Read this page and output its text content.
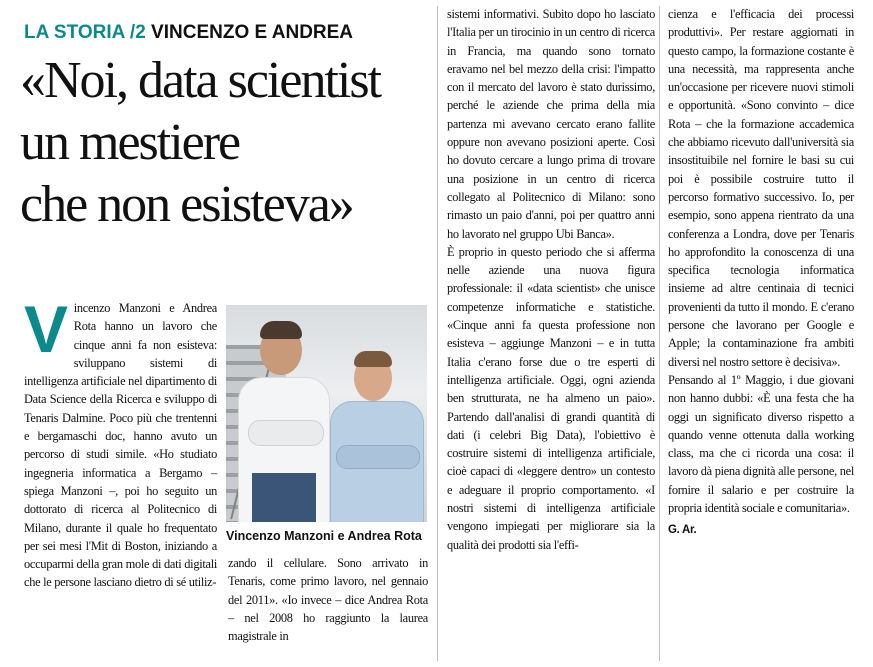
LA STORIA /2 VINCENZO E ANDREA
«Noi, data scientist
un mestiere
che non esisteva»
V incenzo Manzoni e Andrea Rota hanno un lavoro che cinque anni fa non esisteva: sviluppano sistemi di intelligenza artificiale nel dipartimento di Data Science della Ricerca e sviluppo di Tenaris Dalmine. Poco più che trentenni e bergamaschi doc, hanno avuto un percorso di studi simile. «Ho studiato ingegneria informatica a Bergamo – spiega Manzoni –, poi ho seguito un dottorato di ricerca al Politecnico di Milano, durante il quale ho frequentato per sei mesi l'Mit di Boston, iniziando a occuparmi della gran mole di dati digitali che le persone lasciano dietro di sé utiliz-
Vincenzo Manzoni e Andrea Rota
zando il cellulare. Sono arrivato in Tenaris, come primo lavoro, nel gennaio del 2011». «Io invece – dice Andrea Rota – nel 2008 ho raggiunto la laurea magistrale in

sistemi informativi. Subito dopo ho lasciato l'Italia per un tirocinio in un centro di ricerca in Francia, ma quando sono tornato eravamo nel bel mezzo della crisi: l'impatto con il mercato del lavoro è stato durissimo, perché le aziende che prima della mia partenza mi avevano cercato erano fallite oppure non avevano posizioni aperte. Così ho dovuto cercare a lungo prima di trovare una posizione in un centro di ricerca collegato al Politecnico di Milano: sono rimasto un paio d'anni, poi per quattro anni ho lavorato nel gruppo Ubi Banca».

È proprio in questo periodo che si afferma nelle aziende una nuova figura professionale: il «data scientist» che unisce competenze informatiche e statistiche. «Cinque anni fa questa professione non esisteva – aggiunge Manzoni – e in tutta Italia c'erano forse due o tre esperti di intelligenza artificiale. Oggi, ogni azienda ben strutturata, ne ha almeno un paio». Partendo dall'analisi di grandi quantità di dati (i celebri Big Data), l'obiettivo è costruire sistemi di intelligenza artificiale, cioè capaci di «leggere dentro» un contesto e adeguare il proprio comportamento. «I nostri sistemi di intelligenza artificiale vengono impiegati per migliorare sia la qualità dei prodotti sia l'effi-

cienza e l'efficacia dei processi produttivi». Per restare aggiornati in questo campo, la formazione costante è una necessità, ma rappresenta anche un'occasione per ricevere nuovi stimoli e opportunità. «Sono convinto – dice Rota – che la formazione accademica che abbiamo ricevuto dall'università sia insostituibile nel fornire le basi su cui poi è possibile costruire tutto il percorso formativo successivo. Io, per esempio, sono appena rientrato da una conferenza a Londra, dove per Tenaris ho approfondito la conoscenza di una specifica tecnologia informatica insieme ad altre centinaia di tecnici provenienti da tutto il mondo. E c'erano persone che lavorano per Google e Apple; la contaminazione fra ambiti diversi nel nostro settore è decisiva».

Pensando al 1º Maggio, i due giovani non hanno dubbi: «È una festa che ha oggi un significato diverso rispetto a quando venne ottenuta dalla working class, ma che ci ricorda una cosa: il lavoro dà piena dignità alle persone, nel fornire il salario e per costruire la propria identità sociale e comunitaria».

G. Ar.
